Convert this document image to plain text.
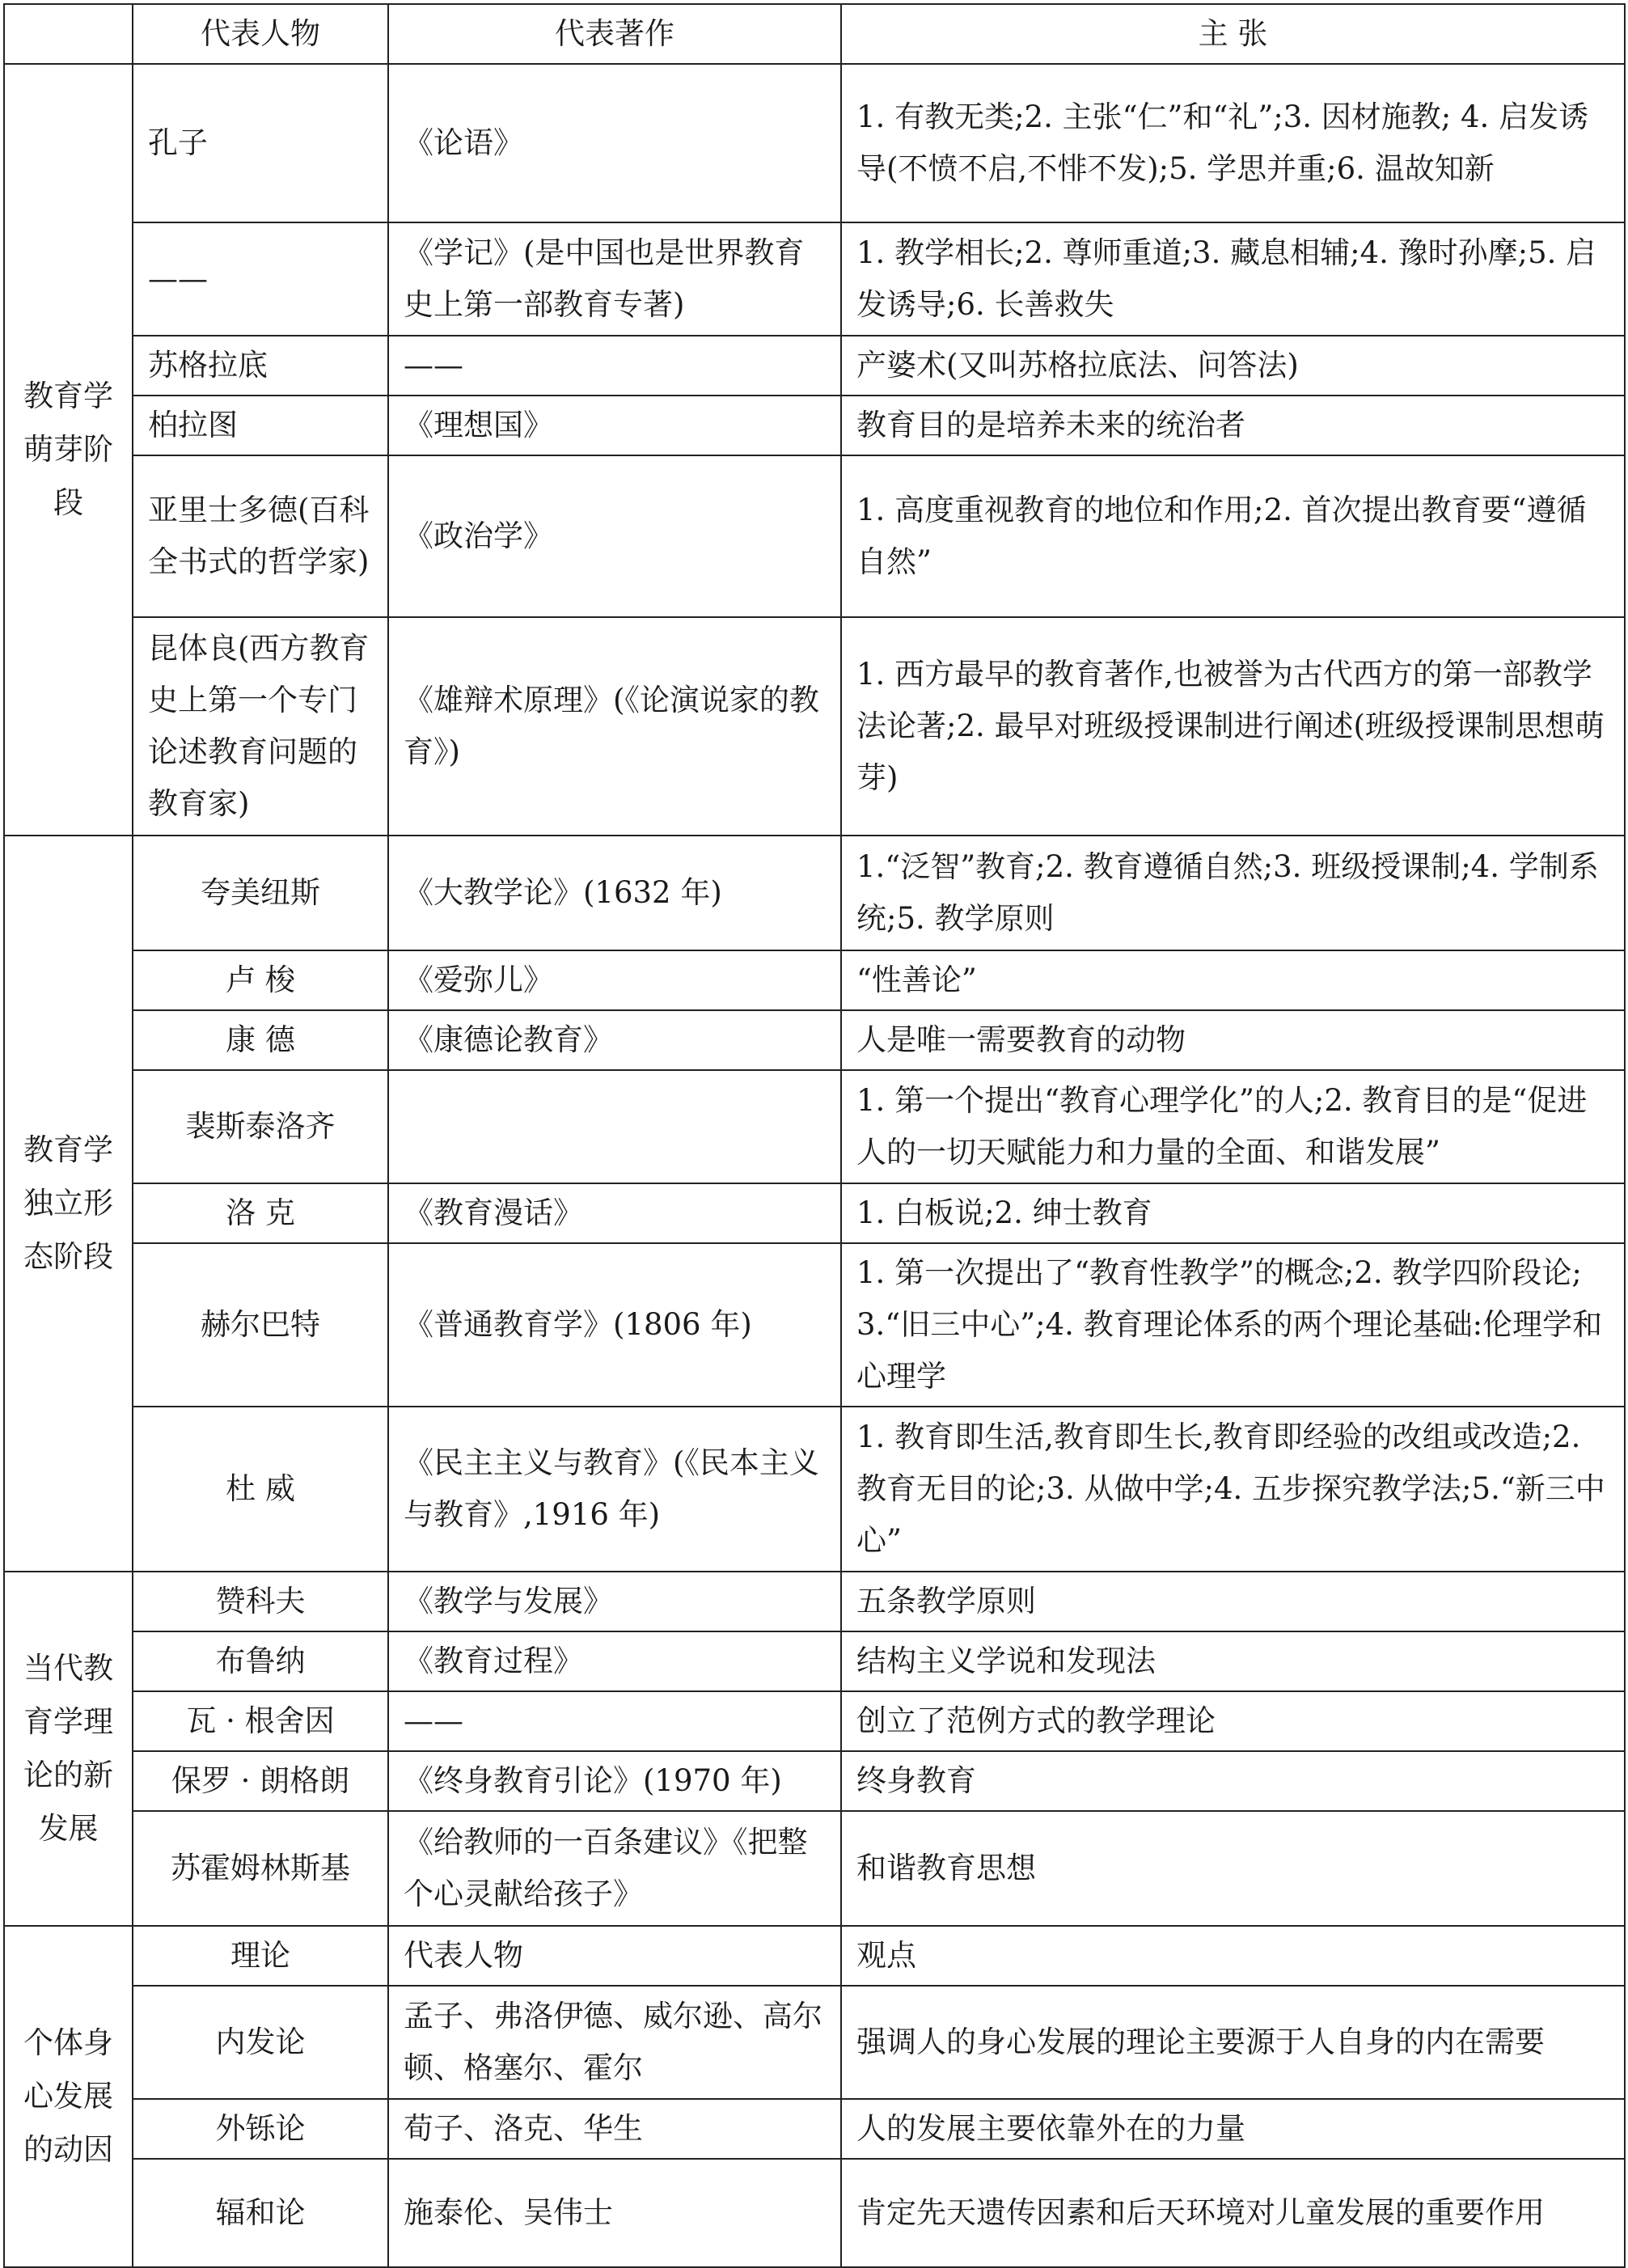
	代表人物	代表著作	主 张
教育学萌芽阶段	孔子	《论语》	1. 有教无类;2. 主张“仁”和“礼”;3. 因材施教; 4. 启发诱导(不愤不启,不悱不发);5. 学思并重;6. 温故知新
	——	《学记》(是中国也是世界教育史上第一部教育专著)	1. 教学相长;2. 尊师重道;3. 藏息相辅;4. 豫时孙摩;5. 启发诱导;6. 长善救失
	苏格拉底	——	产婆术(又叫苏格拉底法、问答法)
	柏拉图	《理想国》	教育目的是培养未来的统治者
	亚里士多德(百科全书式的哲学家)	《政治学》	1. 高度重视教育的地位和作用;2. 首次提出教育要“遵循自然”
	昆体良(西方教育史上第一个专门论述教育问题的教育家)	《雄辩术原理》(《论演说家的教育》)	1. 西方最早的教育著作,也被誉为古代西方的第一部教学法论著;2. 最早对班级授课制进行阐述(班级授课制思想萌芽)
教育学独立形态阶段	夸美纽斯	《大教学论》(1632 年)	1.“泛智”教育;2. 教育遵循自然;3. 班级授课制;4. 学制系统;5. 教学原则
	卢 梭	《爱弥儿》	“性善论”
	康 德	《康德论教育》	人是唯一需要教育的动物
	裴斯泰洛齐		1. 第一个提出“教育心理学化”的人;2. 教育目的是“促进人的一切天赋能力和力量的全面、和谐发展”
	洛 克	《教育漫话》	1. 白板说;2. 绅士教育
	赫尔巴特	《普通教育学》(1806 年)	1. 第一次提出了“教育性教学”的概念;2. 教学四阶段论;3.“旧三中心”;4. 教育理论体系的两个理论基础:伦理学和心理学
	杜 威	《民主主义与教育》(《民本主义与教育》,1916 年)	1. 教育即生活,教育即生长,教育即经验的改组或改造;2. 教育无目的论;3. 从做中学;4. 五步探究教学法;5.“新三中心”
当代教育学理论的新发展	赞科夫	《教学与发展》	五条教学原则
	布鲁纳	《教育过程》	结构主义学说和发现法
	瓦 · 根舍因	——	创立了范例方式的教学理论
	保罗 · 朗格朗	《终身教育引论》(1970 年)	终身教育
	苏霍姆林斯基	《给教师的一百条建议》《把整个心灵献给孩子》	和谐教育思想
个体身心发展的动因	理论	代表人物	观点
	内发论	孟子、弗洛伊德、威尔逊、高尔顿、格塞尔、霍尔	强调人的身心发展的理论主要源于人自身的内在需要
	外铄论	荀子、洛克、华生	人的发展主要依靠外在的力量
	辐和论	施泰伦、吴伟士	肯定先天遗传因素和后天环境对儿童发展的重要作用
